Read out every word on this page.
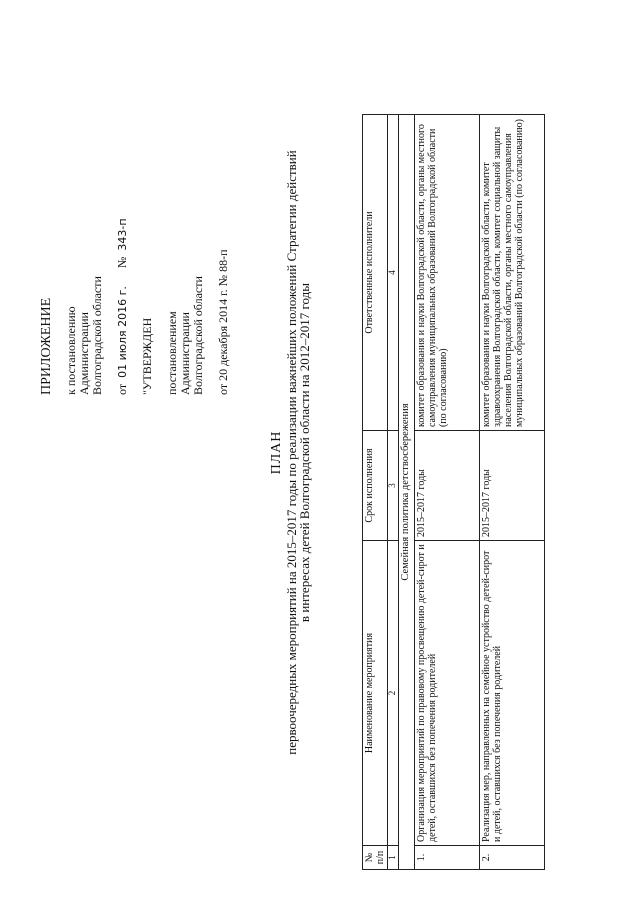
ПРИЛОЖЕНИЕ к постановлению Администрации Волгоградской области от  01 июля 2016 г.      №  343-п
"УТВЕРЖДЕН постановлением Администрации Волгоградской области от 20 декабря 2014 г. № 88-п
ПЛАН первоочередных мероприятий на 2015–2017 годы по реализации важнейших положений Стратегии действий
в интересах детей Волгоградской области на 2012–2017 годы
№ п/п	Наименование мероприятия	Срок исполнения	Ответственные исполнители
1	2	3	4
Семейная политика детствосбережения			
1.	Организация мероприятий по правовому просвещению детей-сирот и детей, оставшихся без попечения родителей	2015–2017 годы	комитет образования и науки Волгоградской области, органы местного самоуправления муниципальных образований Волгоградской области (по согласованию)
2.	Реализация мер, направленных на семейное устройство детей-сирот и детей, оставшихся без попечения родителей	2015–2017 годы	комитет образования и науки Волгоградской области, комитет здравоохранения Волгоградской области, комитет социальной защиты населения Волгоградской области, органы местного самоуправления муниципальных образований Волгоградской области (по согласованию)
